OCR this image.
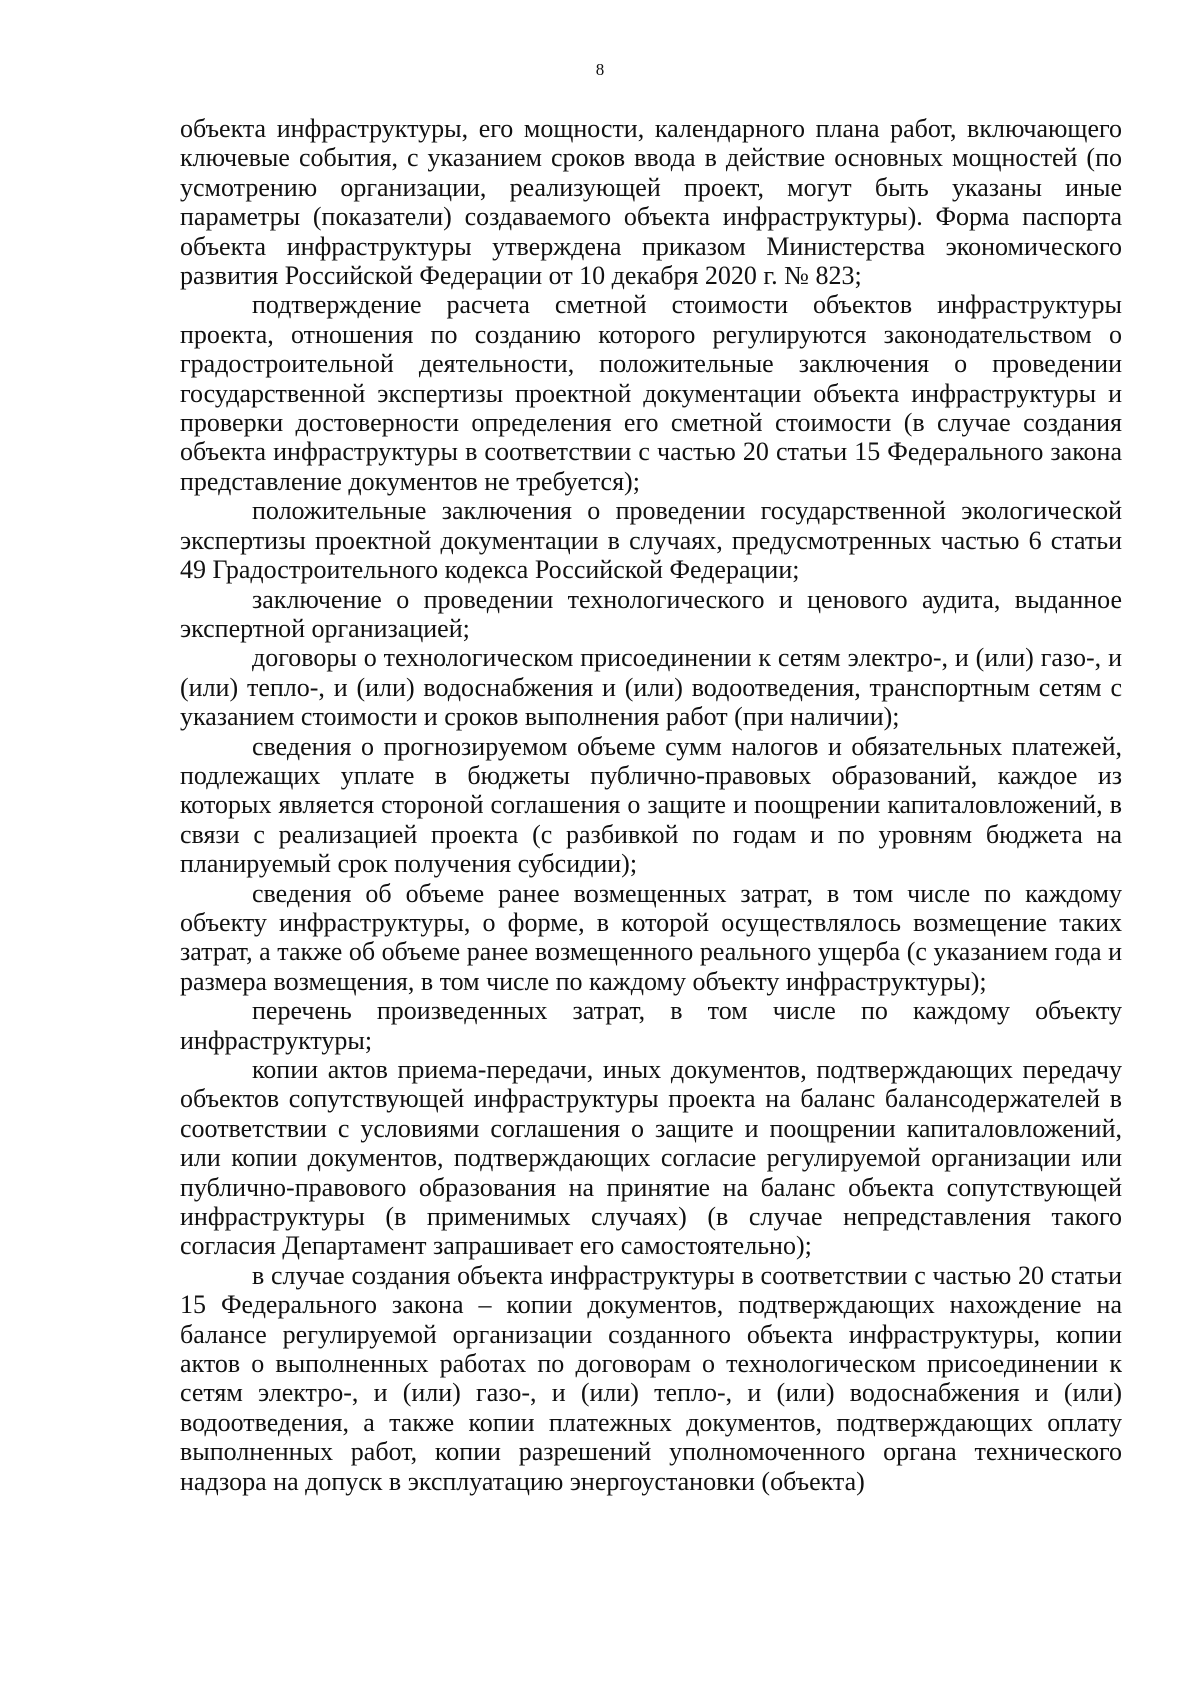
8

объекта инфраструктуры, его мощности, календарного плана работ, включающего ключевые события, с указанием сроков ввода в действие основных мощностей (по усмотрению организации, реализующей проект, могут быть указаны иные параметры (показатели) создаваемого объекта инфраструктуры). Форма паспорта объекта инфраструктуры утверждена приказом Министерства экономического развития Российской Федерации от 10 декабря 2020 г. № 823;

подтверждение расчета сметной стоимости объектов инфраструктуры проекта, отношения по созданию которого регулируются законодательством о градостроительной деятельности, положительные заключения о проведении государственной экспертизы проектной документации объекта инфраструктуры и проверки достоверности определения его сметной стоимости (в случае создания объекта инфраструктуры в соответствии с частью 20 статьи 15 Федерального закона представление документов не требуется);

положительные заключения о проведении государственной экологической экспертизы проектной документации в случаях, предусмотренных частью 6 статьи 49 Градостроительного кодекса Российской Федерации;

заключение о проведении технологического и ценового аудита, выданное экспертной организацией;

договоры о технологическом присоединении к сетям электро-, и (или) газо-, и (или) тепло-, и (или) водоснабжения и (или) водоотведения, транспортным сетям с указанием стоимости и сроков выполнения работ (при наличии);

сведения о прогнозируемом объеме сумм налогов и обязательных платежей, подлежащих уплате в бюджеты публично-правовых образований, каждое из которых является стороной соглашения о защите и поощрении капиталовложений, в связи с реализацией проекта (с разбивкой по годам и по уровням бюджета на планируемый срок получения субсидии);

сведения об объеме ранее возмещенных затрат, в том числе по каждому объекту инфраструктуры, о форме, в которой осуществлялось возмещение таких затрат, а также об объеме ранее возмещенного реального ущерба (с указанием года и размера возмещения, в том числе по каждому объекту инфраструктуры);

перечень произведенных затрат, в том числе по каждому объекту инфраструктуры;

копии актов приема-передачи, иных документов, подтверждающих передачу объектов сопутствующей инфраструктуры проекта на баланс балансодержателей в соответствии с условиями соглашения о защите и поощрении капиталовложений, или копии документов, подтверждающих согласие регулируемой организации или публично-правового образования на принятие на баланс объекта сопутствующей инфраструктуры (в применимых случаях) (в случае непредставления такого согласия Департамент запрашивает его самостоятельно);

в случае создания объекта инфраструктуры в соответствии с частью 20 статьи 15 Федерального закона – копии документов, подтверждающих нахождение на балансе регулируемой организации созданного объекта инфраструктуры, копии актов о выполненных работах по договорам о технологическом присоединении к сетям электро-, и (или) газо-, и (или) тепло-, и (или) водоснабжения и (или) водоотведения, а также копии платежных документов, подтверждающих оплату выполненных работ, копии разрешений уполномоченного органа технического надзора на допуск в эксплуатацию энергоустановки (объекта)
